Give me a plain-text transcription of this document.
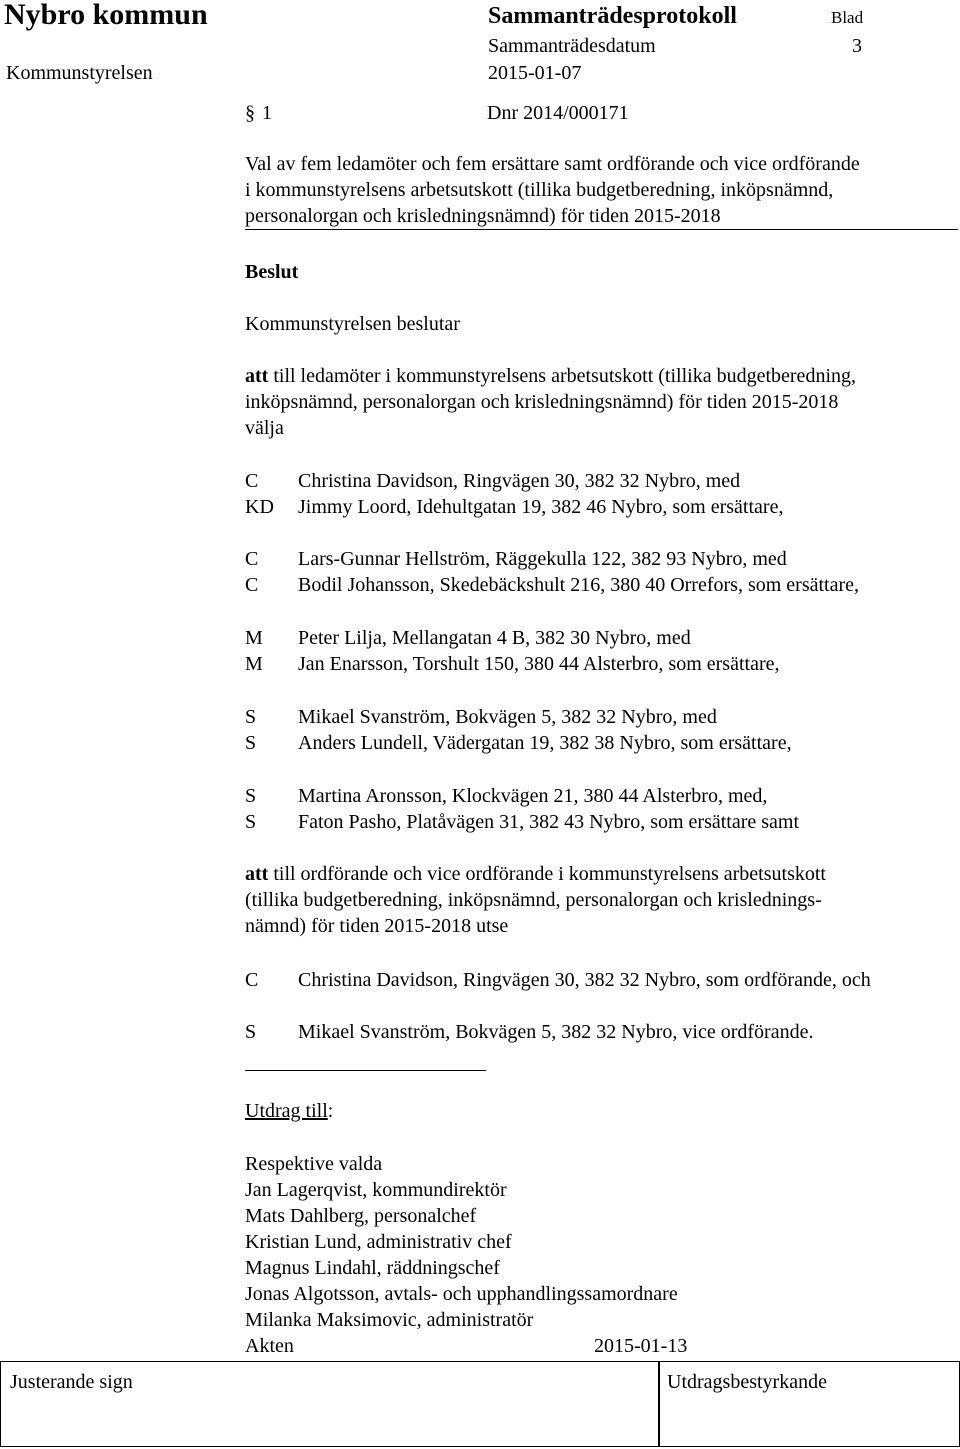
Nybro kommun	Sammanträdesprotokoll	Blad
Sammanträdesdatum	3
Kommunstyrelsen	2015-01-07
§ 1	Dnr 2014/000171
Val av fem ledamöter och fem ersättare samt ordförande och vice ordförande
i kommunstyrelsens arbetsutskott (tillika budgetberedning, inköpsnämnd,
personalorgan och krisledningsnämnd) för tiden 2015-2018
Beslut
Kommunstyrelsen beslutar
att till ledamöter i kommunstyrelsens arbetsutskott (tillika budgetberedning,
inköpsnämnd, personalorgan och krisledningsnämnd) för tiden 2015-2018
välja
C Christina Davidson, Ringvägen 30, 382 32 Nybro, med
KD Jimmy Loord, Idehultgatan 19, 382 46 Nybro, som ersättare,
C Lars-Gunnar Hellström, Räggekulla 122, 382 93 Nybro, med
C Bodil Johansson, Skedebäckshult 216, 380 40 Orrefors, som ersättare,
M Peter Lilja, Mellangatan 4 B, 382 30 Nybro, med
M Jan Enarsson, Torshult 150, 380 44 Alsterbro, som ersättare,
S Mikael Svanström, Bokvägen 5, 382 32 Nybro, med
S Anders Lundell, Vädergatan 19, 382 38 Nybro, som ersättare,
S Martina Aronsson, Klockvägen 21, 380 44 Alsterbro, med,
S Faton Pasho, Platåvägen 31, 382 43 Nybro, som ersättare samt
att till ordförande och vice ordförande i kommunstyrelsens arbetsutskott
(tillika budgetberedning, inköpsnämnd, personalorgan och krislednings-
nämnd) för tiden 2015-2018 utse
C Christina Davidson, Ringvägen 30, 382 32 Nybro, som ordförande, och
S Mikael Svanström, Bokvägen 5, 382 32 Nybro, vice ordförande.
Utdrag till:
Respektive valda
Jan Lagerqvist, kommundirektör
Mats Dahlberg, personalchef
Kristian Lund, administrativ chef
Magnus Lindahl, räddningschef
Jonas Algotsson, avtals- och upphandlingssamordnare
Milanka Maksimovic, administratör
Akten	2015-01-13
Justerande sign	Utdragsbestyrkande
